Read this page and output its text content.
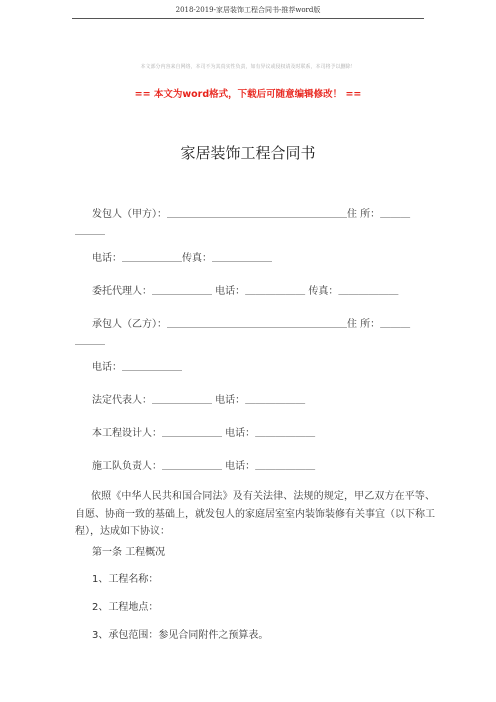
2018-2019-家居装饰工程合同书-推荐word版
本文部分内容来自网络，本司不为其真实性负责，如有异议或侵权请及时联系，本司将予以删除！
== 本文为word格式，下载后可随意编辑修改！ ==
家居装饰工程合同书
发包人（甲方）：＿＿＿＿＿＿＿＿＿＿＿＿＿＿＿＿＿＿住 所：＿＿＿
＿＿＿
电话：＿＿＿＿＿＿传真：＿＿＿＿＿＿
委托代理人：＿＿＿＿＿＿ 电话：＿＿＿＿＿＿ 传真：＿＿＿＿＿＿
承包人（乙方）：＿＿＿＿＿＿＿＿＿＿＿＿＿＿＿＿＿＿住 所：＿＿＿
＿＿＿
电话：＿＿＿＿＿＿
法定代表人：＿＿＿＿＿＿ 电话：＿＿＿＿＿＿
本工程设计人：＿＿＿＿＿＿ 电话：＿＿＿＿＿＿
施工队负责人：＿＿＿＿＿＿ 电话：＿＿＿＿＿＿
依照《中华人民共和国合同法》及有关法律、法规的规定，甲乙双方在平等、自愿、协商一致的基础上，就发包人的家庭居室室内装饰装修有关事宜（以下称工程），达成如下协议：
第一条 工程概况
1、工程名称：
2、工程地点：
3、承包范围：参见合同附件之预算表。
